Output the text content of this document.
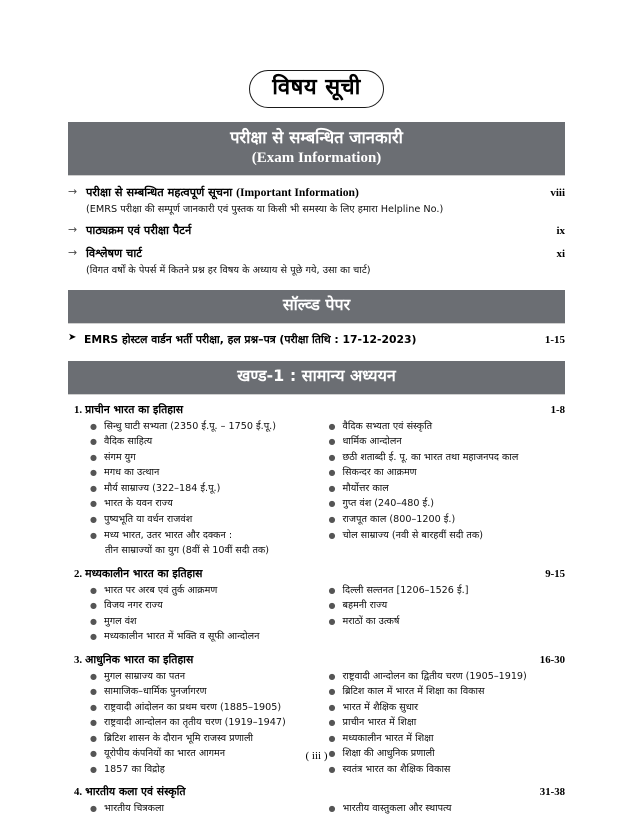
विषय सूची
परीक्षा से सम्बन्धित जानकारी
(Exam Information)
→ परीक्षा से सम्बन्धित महत्वपूर्ण सूचना (Important Information)	viii
(EMRS परीक्षा की सम्पूर्ण जानकारी एवं पुस्तक या किसी भी समस्या के लिए हमारा Helpline No.)
→ पाठ्यक्रम एवं परीक्षा पैटर्न	ix
→ विश्लेषण चार्ट	xi
(विगत वर्षों के पेपर्स में कितने प्रश्न हर विषय के अध्याय से पूछे गये, उसा का चार्ट)
सॉल्व्ड पेपर
➤ EMRS होस्टल वार्डन भर्ती परीक्षा, हल प्रश्न–पत्र (परीक्षा तिथि : 17-12-2023)	1-15
खण्ड-1 : सामान्य अध्ययन
1. प्राचीन भारत का इतिहास	1-8
● सिन्धु घाटी सभ्यता (2350 ई.पू. – 1750 ई.पू.)
● वैदिक साहित्य
● संगम युग
● मगध का उत्थान
● मौर्य साम्राज्य (322–184 ई.पू.)
● भारत के यवन राज्य
● पुष्यभूति या वर्धन राजवंश
● मध्य भारत, उतर भारत और दक्कन :
तीन साम्राज्यों का युग (8वीं से 10वीं सदी तक)
● वैदिक सभ्यता एवं संस्कृति
● धार्मिक आन्दोलन
● छठी शताब्दी ई. पू. का भारत तथा महाजनपद काल
● सिकन्दर का आक्रमण
● मौर्योत्तर काल
● गुप्त वंश (240–480 ई.)
● राजपूत काल (800–1200 ई.)
● चोल साम्राज्य (नवी से बारहवीं सदी तक)
2. मध्यकालीन भारत का इतिहास	9-15
● भारत पर अरब एवं तुर्क आक्रमण
● विजय नगर राज्य
● मुगल वंश
● मध्यकालीन भारत में भक्ति व सूफी आन्दोलन
● दिल्ली सल्तनत [1206–1526 ई.]
● बहमनी राज्य
● मराठों का उत्कर्ष
3. आधुनिक भारत का इतिहास	16-30
● मुगल साम्राज्य का पतन
● सामाजिक–धार्मिक पुनर्जागरण
● राष्ट्रवादी आंदोलन का प्रथम चरण (1885–1905)
● राष्ट्रवादी आन्दोलन का तृतीय चरण (1919–1947)
● ब्रिटिश शासन के दौरान भूमि राजस्व प्रणाली
● यूरोपीय कंपनियों का भारत आगमन
● 1857 का विद्रोह
● राष्ट्रवादी आन्दोलन का द्वितीय चरण (1905–1919)
● ब्रिटिश काल में भारत में शिक्षा का विकास
● भारत में शैक्षिक सुधार
● प्राचीन भारत में शिक्षा
● मध्यकालीन भारत में शिक्षा
● शिक्षा की आधुनिक प्रणाली
● स्वतंत्र भारत का शैक्षिक विकास
4. भारतीय कला एवं संस्कृति	31-38
● भारतीय चित्रकला	● भारतीय वास्तुकला और स्थापत्य
( iii )
